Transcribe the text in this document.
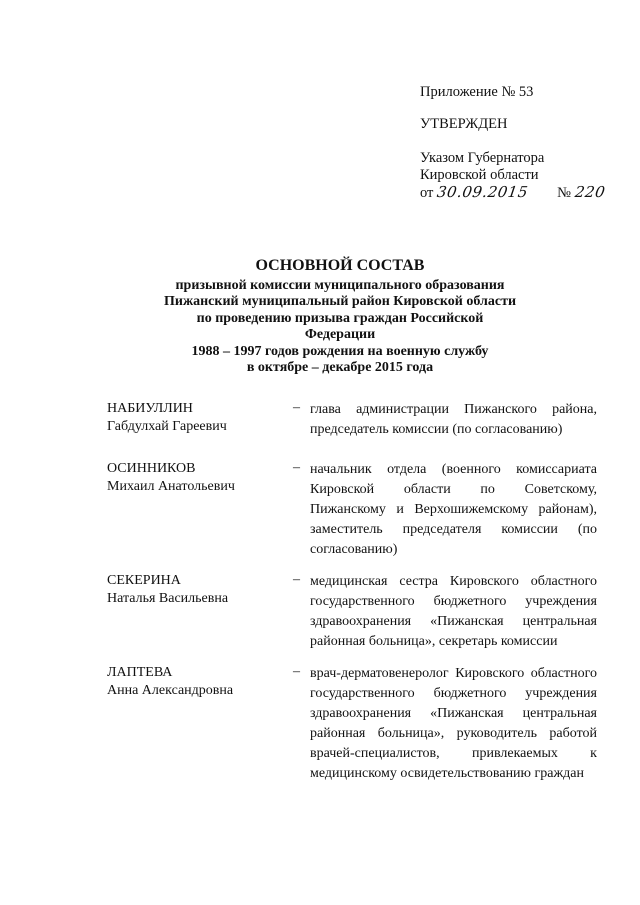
Приложение № 53
УТВЕРЖДЕН
Указом Губернатора
Кировской области
от 30.09.2015 № 220
ОСНОВНОЙ СОСТАВ
призывной комиссии муниципального образования
Пижанский муниципальный район Кировской области
по проведению призыва граждан Российской Федерации
1988 – 1997 годов рождения на военную службу
в октябре – декабре 2015 года
НАБИУЛЛИН
Габдулхай Гареевич
– глава администрации Пижанского района, председатель комиссии (по согласованию)
ОСИННИКОВ
Михаил Анатольевич
– начальник отдела (военного комиссариата Кировской области по Советскому, Пижанскому и Верхошижемскому районам), заместитель председателя комиссии (по согласованию)
СЕКЕРИНА
Наталья Васильевна
– медицинская сестра Кировского областного государственного бюджетного учреждения здравоохранения «Пижанская центральная районная больница», секретарь комиссии
ЛАПТЕВА
Анна Александровна
– врач-дерматовенеролог Кировского областного государственного бюджетного учреждения здравоохранения «Пижанская центральная районная больница», руководитель работой врачей-специалистов, привлекаемых к медицинскому освидетельствованию граждан
